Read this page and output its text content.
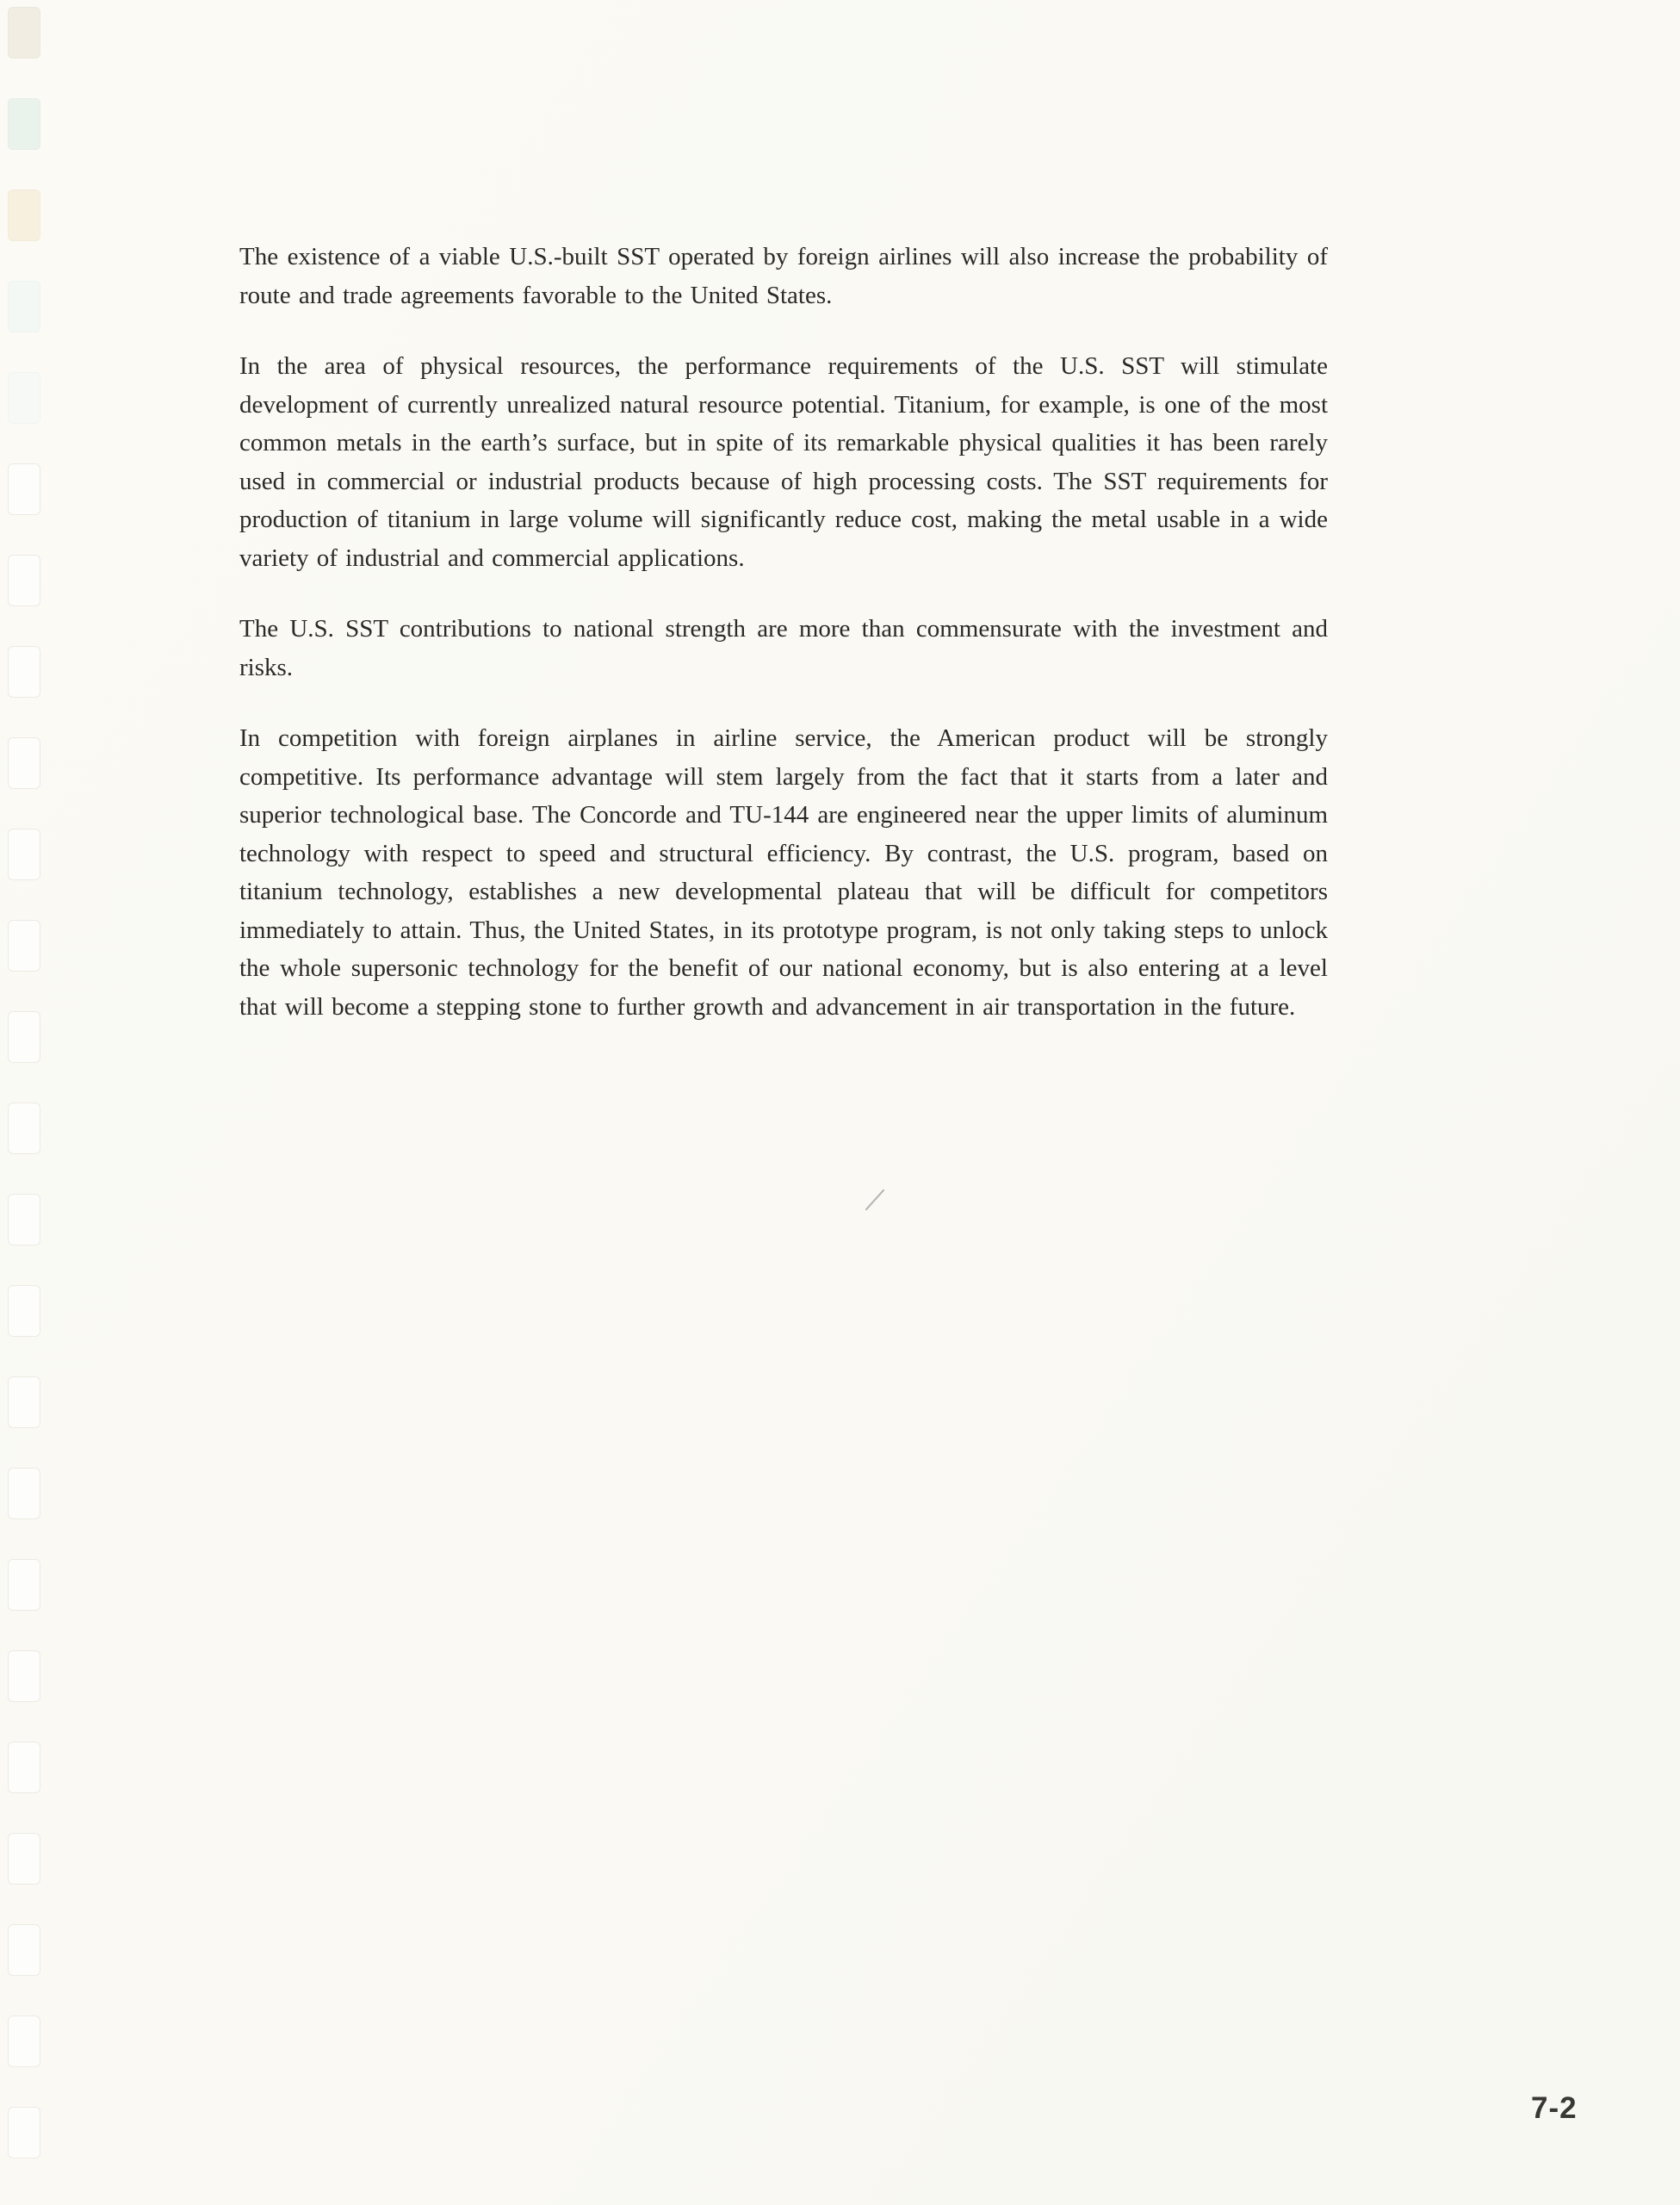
The existence of a viable U.S.-built SST operated by foreign airlines will also increase the probability of route and trade agreements favorable to the United States.

In the area of physical resources, the performance requirements of the U.S. SST will stimulate development of currently unrealized natural resource potential. Titanium, for example, is one of the most common metals in the earth’s surface, but in spite of its remarkable physical qualities it has been rarely used in commercial or industrial products because of high processing costs. The SST requirements for production of titanium in large volume will significantly reduce cost, making the metal usable in a wide variety of industrial and commercial applications.

The U.S. SST contributions to national strength are more than commensurate with the investment and risks.

In competition with foreign airplanes in airline service, the American product will be strongly competitive. Its performance advantage will stem largely from the fact that it starts from a later and superior technological base. The Concorde and TU-144 are engineered near the upper limits of aluminum technology with respect to speed and structural efficiency. By contrast, the U.S. program, based on titanium technology, establishes a new developmental plateau that will be difficult for competitors immediately to attain. Thus, the United States, in its prototype program, is not only taking steps to unlock the whole supersonic technology for the benefit of our national economy, but is also entering at a level that will become a stepping stone to further growth and advancement in air transportation in the future.

7-2
